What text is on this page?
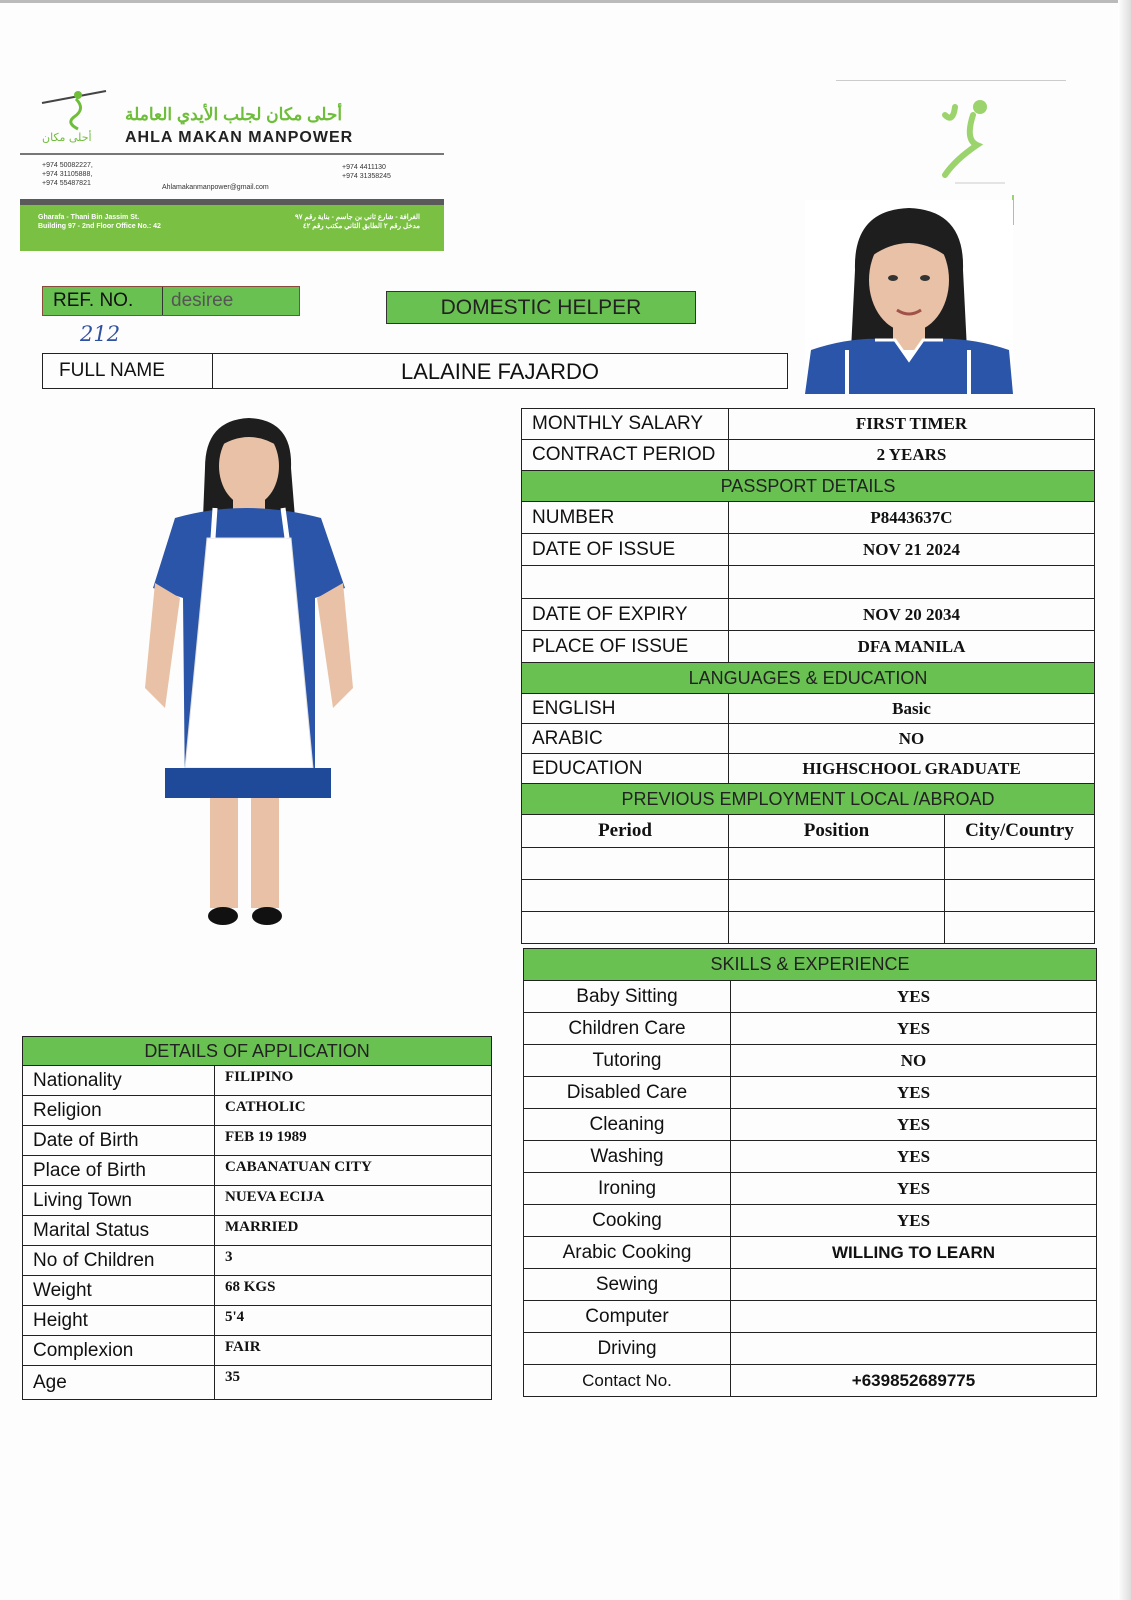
أحلى مكان
أحلى مكان لجلب الأيدي العاملة
AHLA MAKAN MANPOWER
+974 50082227,
+974 31105888,
+974 55487821
Ahlamakanmanpower@gmail.com
+974 4411130
+974 31358245
Gharafa - Thani Bin Jassim St.
Building 97 - 2nd Floor Office No.: 42
الغرافة - شارع ثاني بن جاسم - بناية رقم ٩٧
مدخل رقم ٢ الطابق الثاني مكتب رقم ٤٢
REF. NO.	desiree
212
DOMESTIC HELPER
FULL NAME	LALAINE FAJARDO
MONTHLY SALARY	FIRST TIMER	
CONTRACT PERIOD	2 YEARS	
PASSPORT DETAILS		
NUMBER	P8443637C	
DATE OF ISSUE	NOV 21 2024	

DATE OF EXPIRY	NOV 20 2034	
PLACE OF ISSUE	DFA MANILA	
LANGUAGES & EDUCATION		
ENGLISH	Basic	
ARABIC	NO	
EDUCATION	HIGHSCHOOL GRADUATE	
PREVIOUS EMPLOYMENT LOCAL /ABROAD		
Period	Position	City/Country

SKILLS & EXPERIENCE	
Baby Sitting	YES
Children Care	YES
Tutoring	NO
Disabled Care	YES
Cleaning	YES
Washing	YES
Ironing	YES
Cooking	YES
Arabic Cooking	WILLING TO LEARN
Sewing	
Computer	
Driving	
Contact No.	+639852689775
DETAILS OF APPLICATION	
Nationality	FILIPINO
Religion	CATHOLIC
Date of Birth	FEB 19 1989
Place of Birth	CABANATUAN CITY
Living Town	NUEVA ECIJA
Marital Status	MARRIED
No of Children	3
Weight	68 KGS
Height	5'4
Complexion	FAIR
Age	35
